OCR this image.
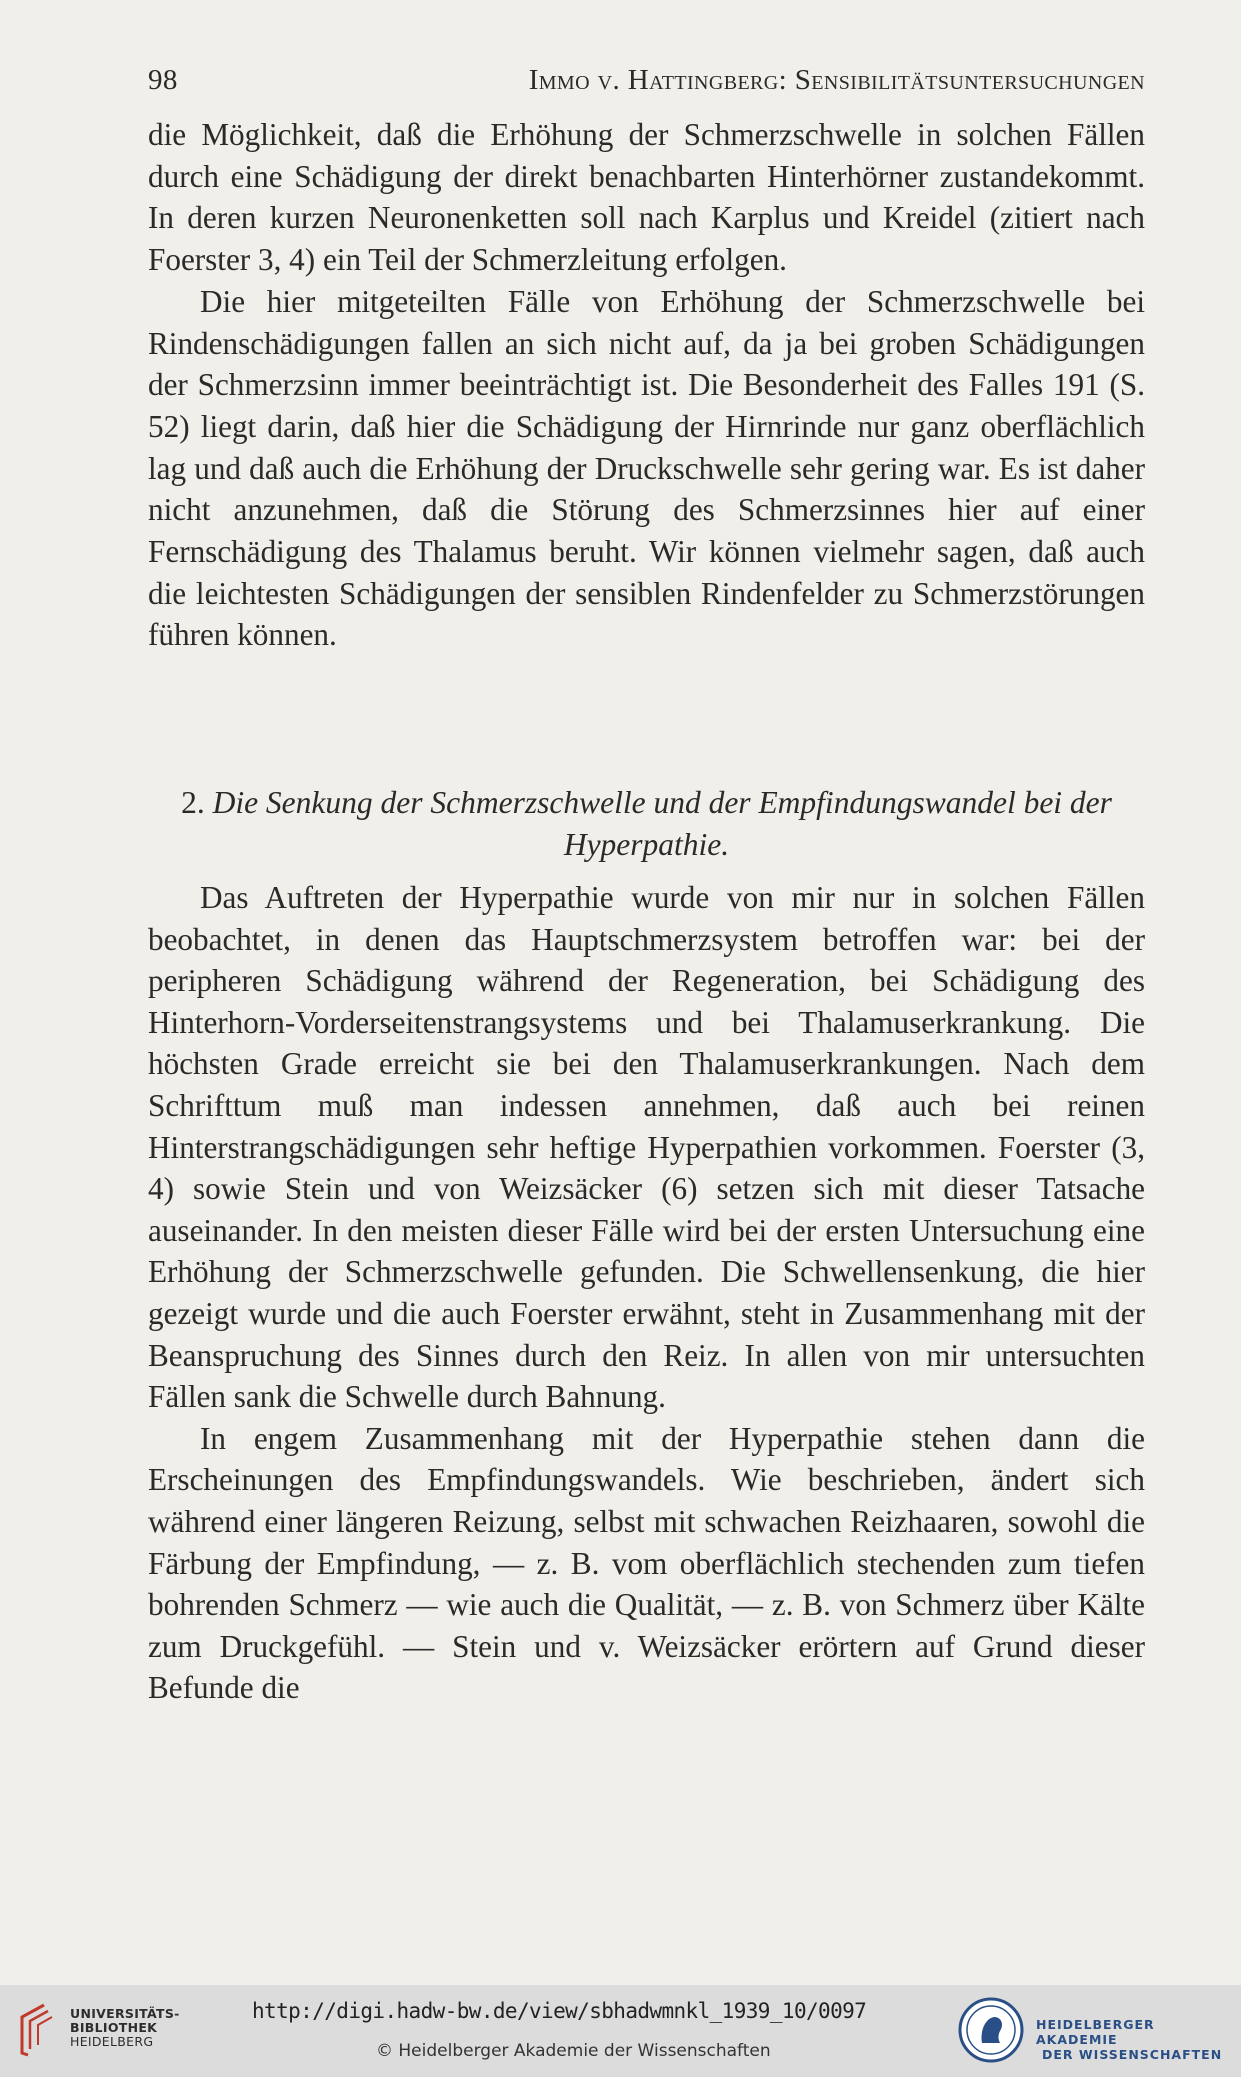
98	Immo v. Hattingberg: Sensibilitätsuntersuchungen

die Möglichkeit, daß die Erhöhung der Schmerzschwelle in solchen Fällen durch eine Schädigung der direkt benachbarten Hinterhörner zustandekommt. In deren kurzen Neuronenketten soll nach Karplus und Kreidel (zitiert nach Foerster 3, 4) ein Teil der Schmerzleitung erfolgen.

Die hier mitgeteilten Fälle von Erhöhung der Schmerzschwelle bei Rindenschädigungen fallen an sich nicht auf, da ja bei groben Schädigungen der Schmerzsinn immer beeinträchtigt ist. Die Besonderheit des Falles 191 (S. 52) liegt darin, daß hier die Schädigung der Hirnrinde nur ganz oberflächlich lag und daß auch die Erhöhung der Druckschwelle sehr gering war. Es ist daher nicht anzunehmen, daß die Störung des Schmerzsinnes hier auf einer Fernschädigung des Thalamus beruht. Wir können vielmehr sagen, daß auch die leichtesten Schädigungen der sensiblen Rindenfelder zu Schmerzstörungen führen können.

2. Die Senkung der Schmerzschwelle und der Empfindungswandel bei der Hyperpathie.

Das Auftreten der Hyperpathie wurde von mir nur in solchen Fällen beobachtet, in denen das Hauptschmerzsystem betroffen war: bei der peripheren Schädigung während der Regeneration, bei Schädigung des Hinterhorn-Vorderseitenstrangsystems und bei Thalamuserkrankung. Die höchsten Grade erreicht sie bei den Thalamuserkrankungen. Nach dem Schrifttum muß man indessen annehmen, daß auch bei reinen Hinterstrangschädigungen sehr heftige Hyperpathien vorkommen. Foerster (3, 4) sowie Stein und von Weizsäcker (6) setzen sich mit dieser Tatsache auseinander. In den meisten dieser Fälle wird bei der ersten Untersuchung eine Erhöhung der Schmerzschwelle gefunden. Die Schwellensenkung, die hier gezeigt wurde und die auch Foerster erwähnt, steht in Zusammenhang mit der Beanspruchung des Sinnes durch den Reiz. In allen von mir untersuchten Fällen sank die Schwelle durch Bahnung.

In engem Zusammenhang mit der Hyperpathie stehen dann die Erscheinungen des Empfindungswandels. Wie beschrieben, ändert sich während einer längeren Reizung, selbst mit schwachen Reizhaaren, sowohl die Färbung der Empfindung, — z. B. vom oberflächlich stechenden zum tiefen bohrenden Schmerz — wie auch die Qualität, — z. B. von Schmerz über Kälte zum Druckgefühl. — Stein und v. Weizsäcker erörtern auf Grund dieser Befunde die

UNIVERSITÄTS-
BIBLIOTHEK
HEIDELBERG
http://digi.hadw-bw.de/view/sbhadwmnkl_1939_10/0097
© Heidelberger Akademie der Wissenschaften
HEIDELBERGER AKADEMIE
DER WISSENSCHAFTEN
